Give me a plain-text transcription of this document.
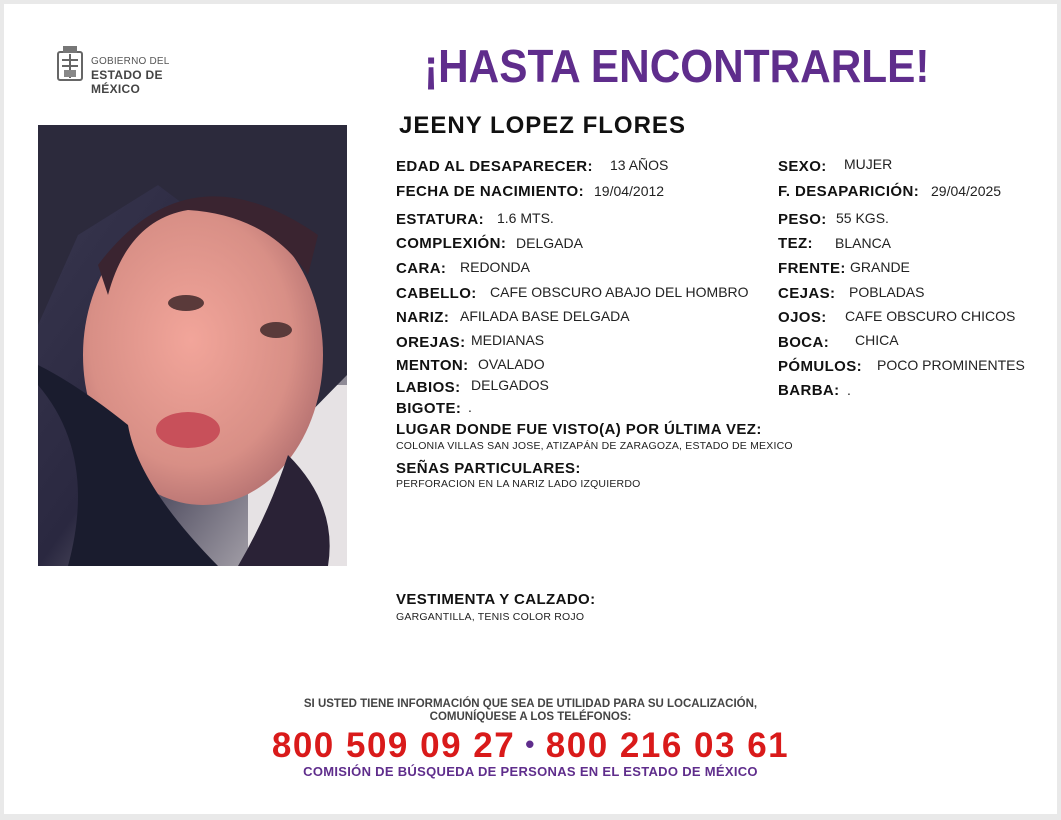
GOBIERNO DEL
ESTADO DE MÉXICO	¡HASTA ENCONTRARLE!
JEENY LOPEZ FLORES
EDAD AL DESAPARECER: 13 AÑOS
FECHA DE NACIMIENTO: 19/04/2012
ESTATURA: 1.6 MTS.
COMPLEXIÓN: DELGADA
CARA: REDONDA
CABELLO: CAFE OBSCURO ABAJO DEL HOMBRO
NARIZ: AFILADA BASE DELGADA
OREJAS: MEDIANAS
MENTON: OVALADO
LABIOS: DELGADOS
BIGOTE: .
SEXO: MUJER
F. DESAPARICIÓN: 29/04/2025
PESO: 55 KGS.
TEZ: BLANCA
FRENTE: GRANDE
CEJAS: POBLADAS
OJOS: CAFE OBSCURO CHICOS
BOCA: CHICA
PÓMULOS: POCO PROMINENTES
BARBA: .
LUGAR DONDE FUE VISTO(A) POR ÚLTIMA VEZ:
COLONIA VILLAS SAN JOSE, ATIZAPÁN DE ZARAGOZA, ESTADO DE MEXICO
SEÑAS PARTICULARES:
PERFORACION EN LA NARIZ LADO IZQUIERDO
VESTIMENTA Y CALZADO:
GARGANTILLA, TENIS COLOR ROJO
SI USTED TIENE INFORMACIÓN QUE SEA DE UTILIDAD PARA SU LOCALIZACIÓN,
COMUNÍQUESE A LOS TELÉFONOS:
800 509 09 27 • 800 216 03 61
COMISIÓN DE BÚSQUEDA DE PERSONAS EN EL ESTADO DE MÉXICO
